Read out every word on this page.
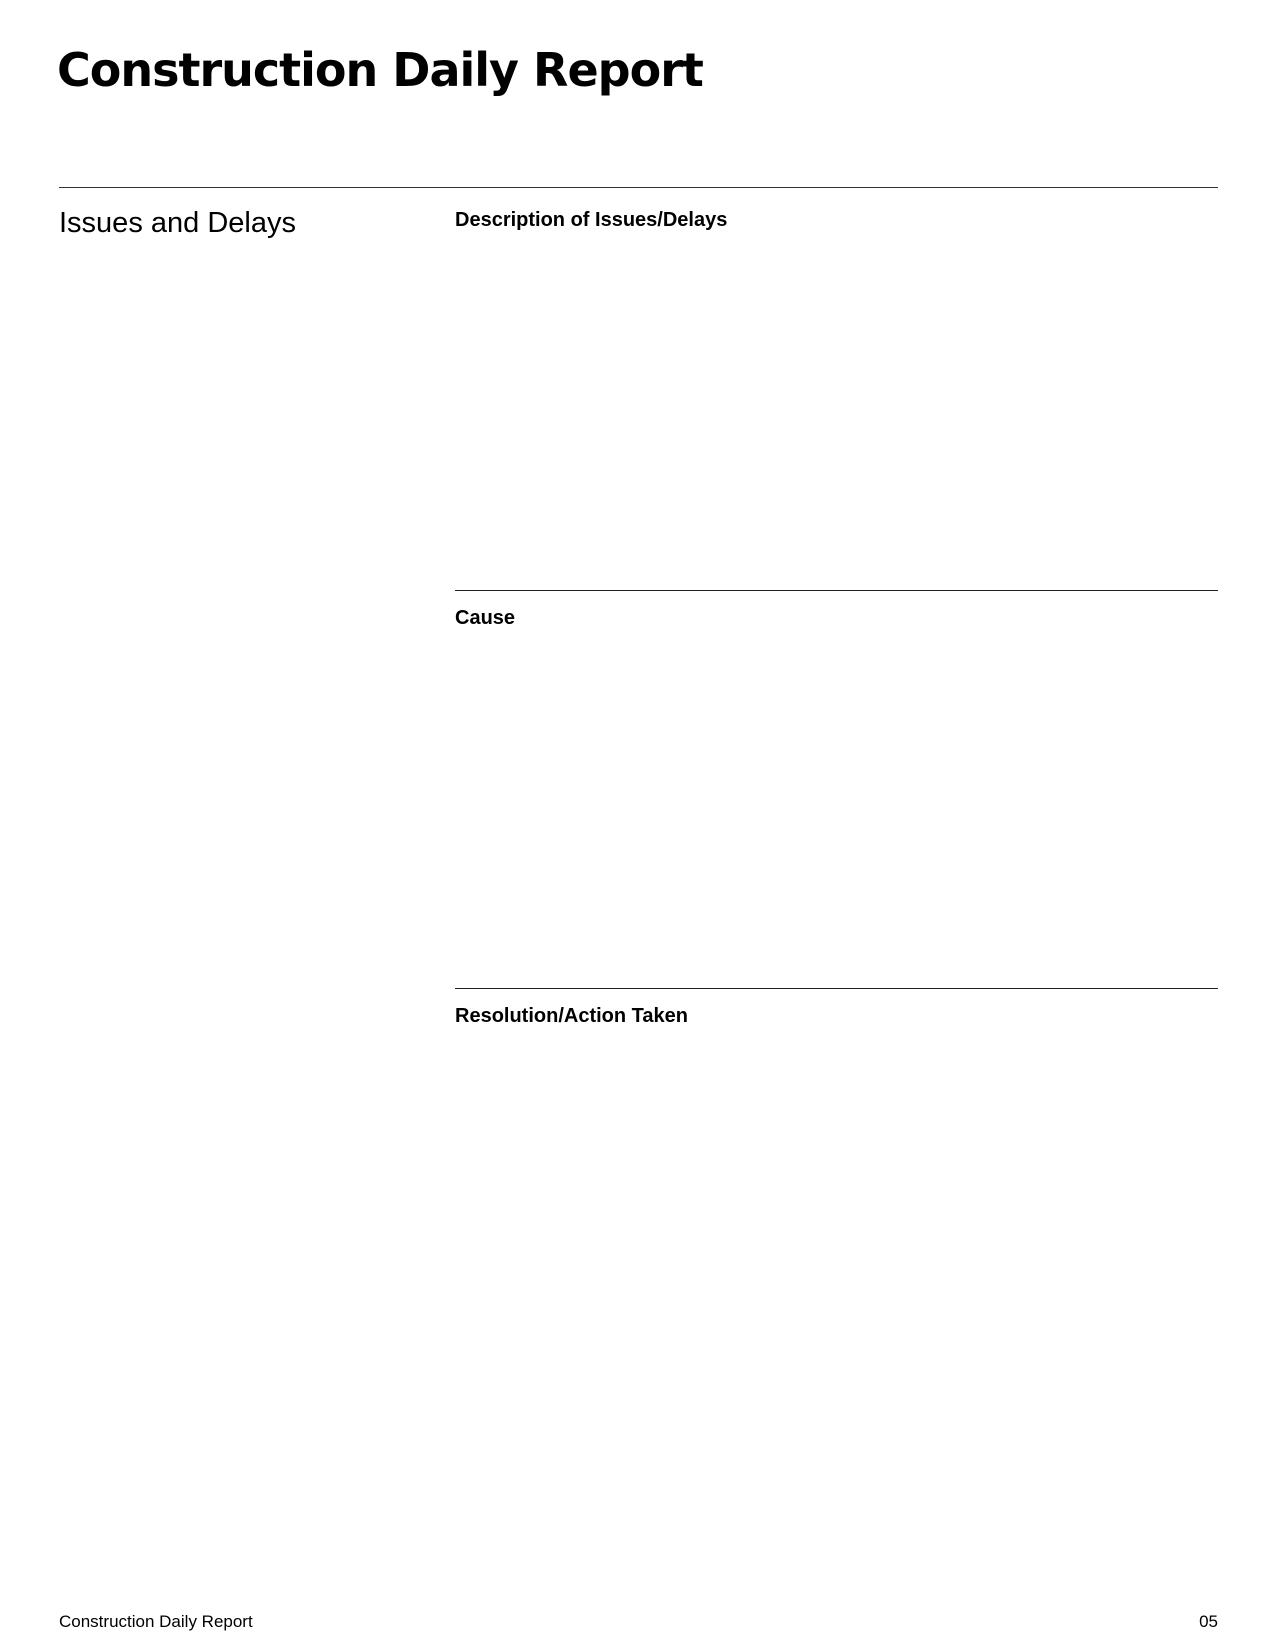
Construction Daily Report
Issues and Delays	Description of Issues/Delays

Cause

Resolution/Action Taken

Construction Daily Report	05
